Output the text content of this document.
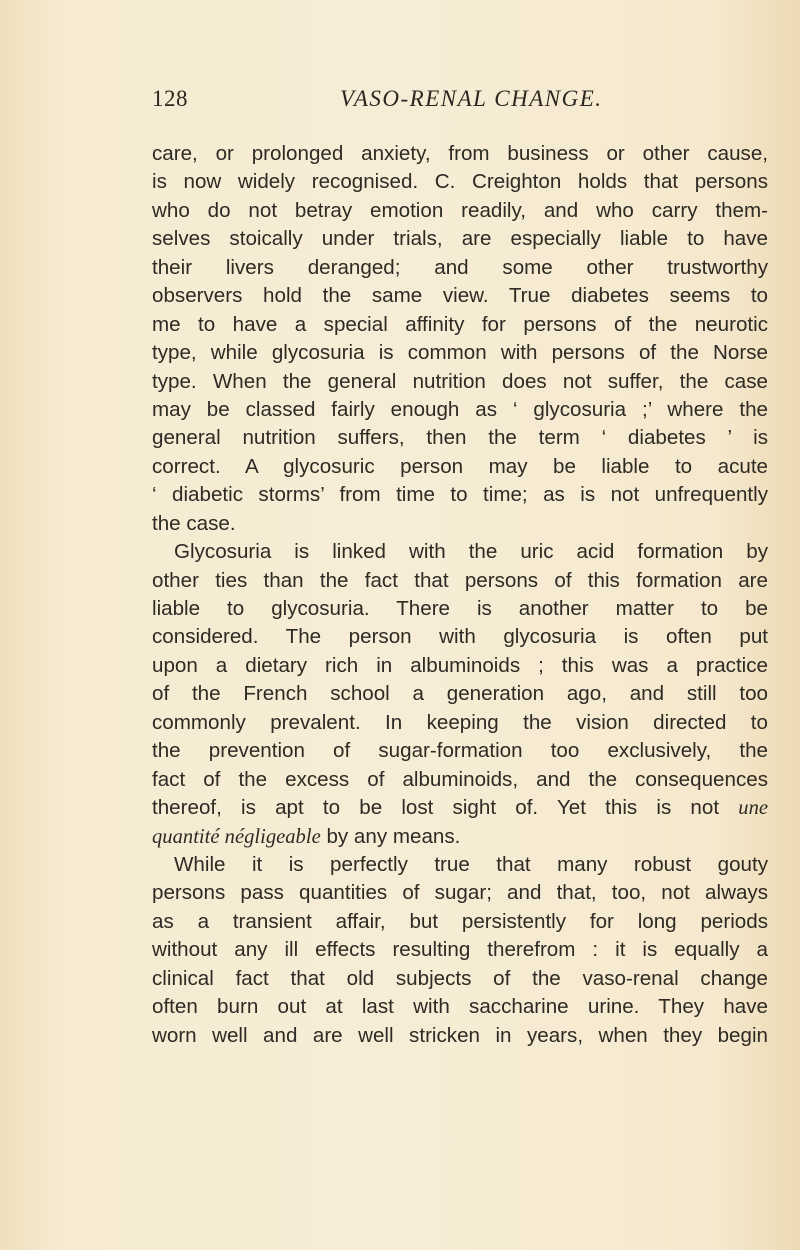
128	VASO-RENAL CHANGE.
care, or prolonged anxiety, from business or other cause,
is now widely recognised. C. Creighton holds that persons
who do not betray emotion readily, and who carry them-
selves stoically under trials, are especially liable to have
their livers deranged; and some other trustworthy
observers hold the same view. True diabetes seems to
me to have a special affinity for persons of the neurotic
type, while glycosuria is common with persons of the Norse
type. When the general nutrition does not suffer, the case
may be classed fairly enough as ‘ glycosuria ;’ where the
general nutrition suffers, then the term ‘ diabetes ’ is
correct. A glycosuric person may be liable to acute
‘ diabetic storms’ from time to time; as is not unfrequently
the case.
Glycosuria is linked with the uric acid formation by
other ties than the fact that persons of this formation are
liable to glycosuria. There is another matter to be
considered. The person with glycosuria is often put
upon a dietary rich in albuminoids ; this was a practice
of the French school a generation ago, and still too
commonly prevalent. In keeping the vision directed to
the prevention of sugar-formation too exclusively, the
fact of the excess of albuminoids, and the consequences
thereof, is apt to be lost sight of. Yet this is not une
quantité négligeable by any means.
While it is perfectly true that many robust gouty
persons pass quantities of sugar; and that, too, not always
as a transient affair, but persistently for long periods
without any ill effects resulting therefrom : it is equally a
clinical fact that old subjects of the vaso-renal change
often burn out at last with saccharine urine. They have
worn well and are well stricken in years, when they begin
